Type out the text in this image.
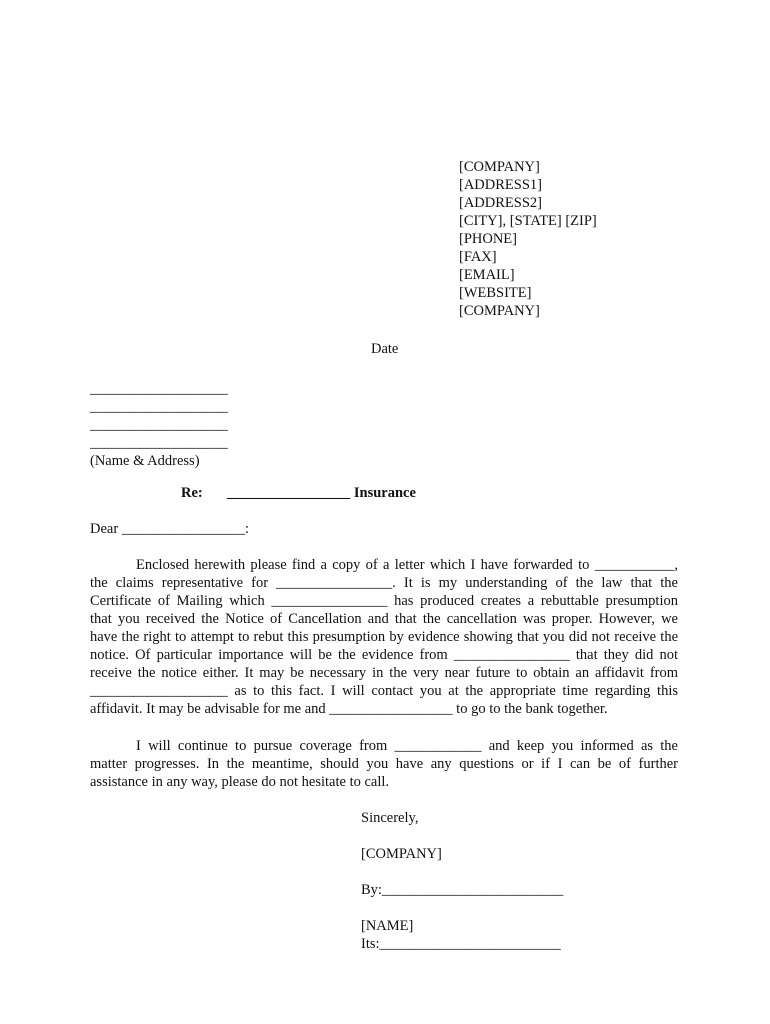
[COMPANY]
[ADDRESS1]
[ADDRESS2]
[CITY], [STATE] [ZIP]
[PHONE]
[FAX]
[EMAIL]
[WEBSITE]
[COMPANY]
Date
___________________
___________________
___________________
___________________
(Name & Address)
Re: _________________ Insurance
Dear _________________:
Enclosed herewith please find a copy of a letter which I have forwarded to ___________,
the claims representative for ________________. It is my understanding of the law that the
Certificate of Mailing which ________________ has produced creates a rebuttable presumption
that you received the Notice of Cancellation and that the cancellation was proper. However, we
have the right to attempt to rebut this presumption by evidence showing that you did not receive the
notice. Of particular importance will be the evidence from ________________ that they did not
receive the notice either. It may be necessary in the very near future to obtain an affidavit from
___________________ as to this fact. I will contact you at the appropriate time regarding this
affidavit. It may be advisable for me and _________________ to go to the bank together.
I will continue to pursue coverage from ____________ and keep you informed as the
matter progresses. In the meantime, should you have any questions or if I can be of further
assistance in any way, please do not hesitate to call.
Sincerely,
[COMPANY]
By:_________________________
[NAME]
Its:_________________________
